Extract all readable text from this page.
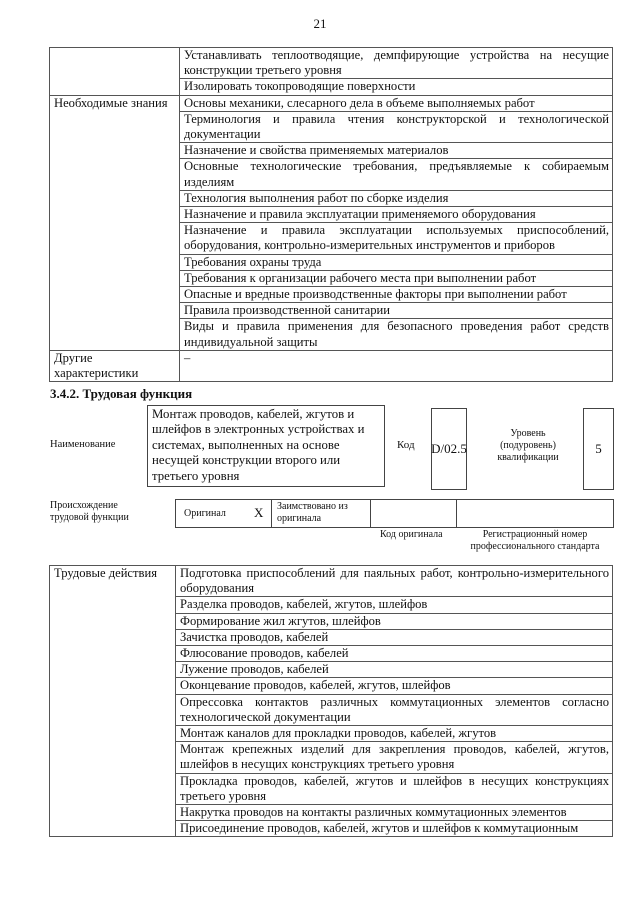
21
	Устанавливать теплоотводящие, демпфирующие устройства на несущие конструкции третьего уровня
	Изолировать токопроводящие поверхности
Необходимые знания	Основы механики, слесарного дела в объеме выполняемых работ
	Терминология и правила чтения конструкторской и технологической документации
	Назначение и свойства применяемых материалов
	Основные технологические требования, предъявляемые к собираемым изделиям
	Технология выполнения работ по сборке изделия
	Назначение и правила эксплуатации применяемого оборудования
	Назначение и правила эксплуатации используемых приспособлений, оборудования, контрольно-измерительных инструментов и приборов
	Требования охраны труда
	Требования к организации рабочего места при выполнении работ
	Опасные и вредные производственные факторы при выполнении работ
	Правила производственной санитарии
	Виды и правила применения для безопасного проведения работ средств индивидуальной защиты
Другие характеристики	–
3.4.2. Трудовая функция
Наименование
Монтаж проводов, кабелей, жгутов и шлейфов в электронных устройствах и системах, выполненных на основе несущей конструкции второго или третьего уровня
Код D/02.5
Уровень (подуровень) квалификации
5
Происхождение трудовой функции	Оригинал X Заимствовано из оригинала
Код оригинала	Регистрационный номер профессионального стандарта
Трудовые действия	Подготовка приспособлений для паяльных работ, контрольно-измерительного оборудования
Разделка проводов, кабелей, жгутов, шлейфов
Формирование жил жгутов, шлейфов
Зачистка проводов, кабелей
Флюсование проводов, кабелей
Лужение проводов, кабелей
Оконцевание проводов, кабелей, жгутов, шлейфов
Опрессовка контактов различных коммутационных элементов согласно технологической документации
Монтаж каналов для прокладки проводов, кабелей, жгутов
Монтаж крепежных изделий для закрепления проводов, кабелей, жгутов, шлейфов в несущих конструкциях третьего уровня
Прокладка проводов, кабелей, жгутов и шлейфов в несущих конструкциях третьего уровня
Накрутка проводов на контакты различных коммутационных элементов
Присоединение проводов, кабелей, жгутов и шлейфов к коммутационным
